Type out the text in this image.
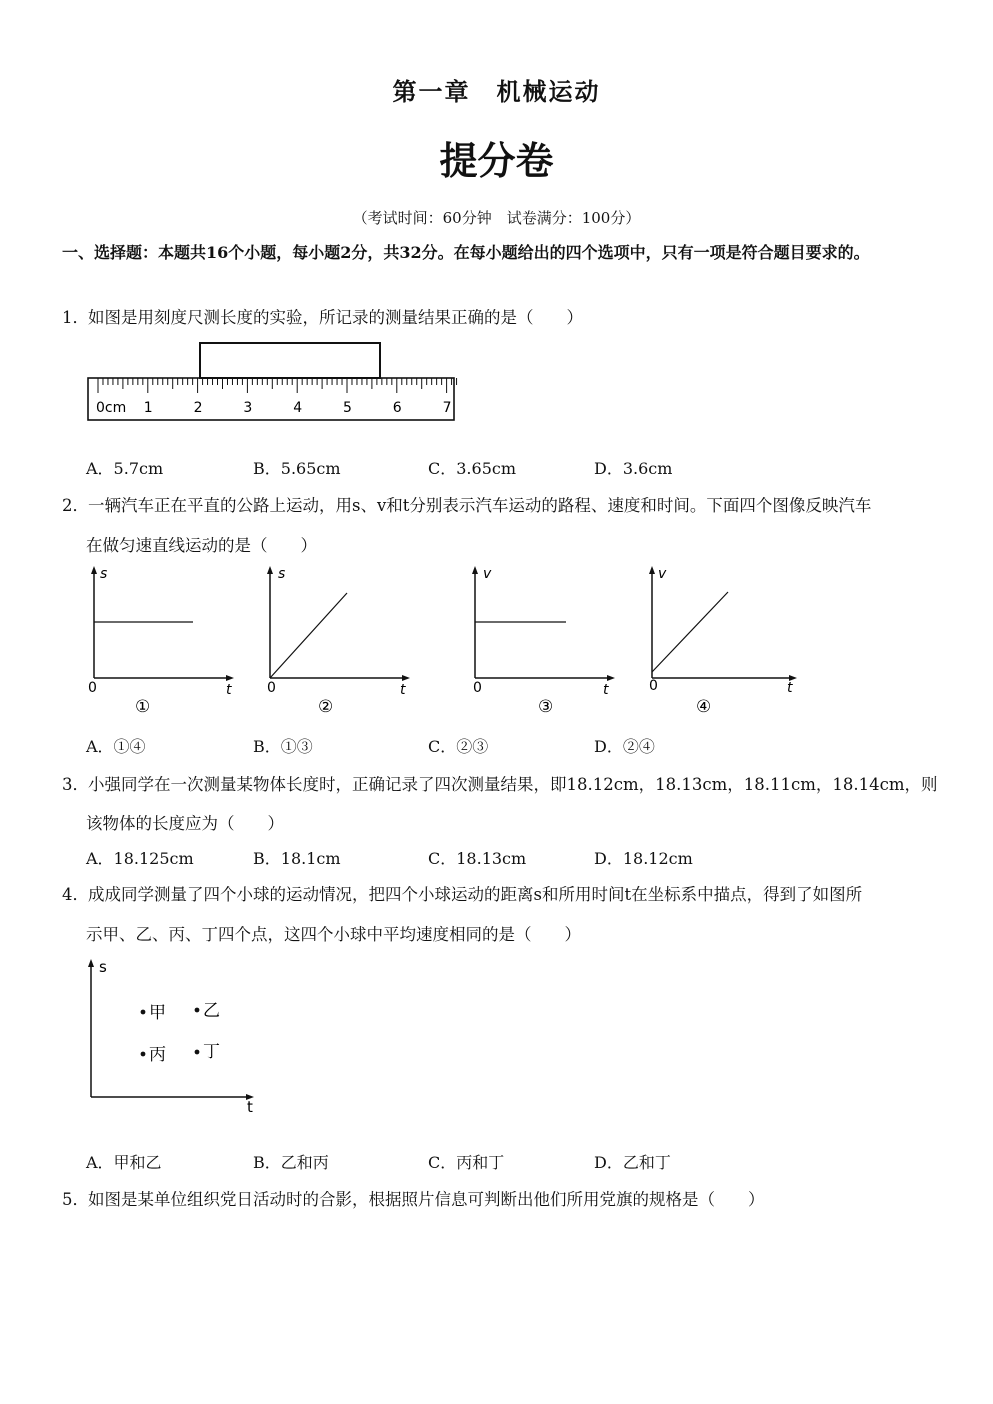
第一章　机械运动
提分卷
（考试时间：60分钟　试卷满分：100分）
一、选择题：本题共16个小题，每小题2分，共32分。在每小题给出的四个选项中，只有一项是符合题目要求的。
1． 如图是用刻度尺测长度的实验，所记录的测量结果正确的是（　　）
0cm 1	2	3	4	5	6	7
A．5.7cm	B．5.65cm	C．3.65cm	D．3.6cm
2． 一辆汽车正在平直的公路上运动，用s、v和t分别表示汽车运动的路程、速度和时间。下面四个图像反映汽车
在做匀速直线运动的是（　　）
s
t
0
①
s
t
0
②
v
t
0
③
v
t
0
④
A．①④	B．①③	C．②③	D．②④
3． 小强同学在一次测量某物体长度时，正确记录了四次测量结果，即18.12cm，18.13cm，18.11cm，18.14cm，则
该物体的长度应为（　　）
A．18.125cm	B．18.1cm	C．18.13cm	D．18.12cm
4． 成成同学测量了四个小球的运动情况，把四个小球运动的距离s和所用时间t在坐标系中描点，得到了如图所
示甲、乙、丙、丁四个点，这四个小球中平均速度相同的是（　　）
s
t
甲 乙
丙 丁
A．甲和乙	B．乙和丙	C．丙和丁	D．乙和丁
5． 如图是某单位组织党日活动时的合影，根据照片信息可判断出他们所用党旗的规格是（　　）
